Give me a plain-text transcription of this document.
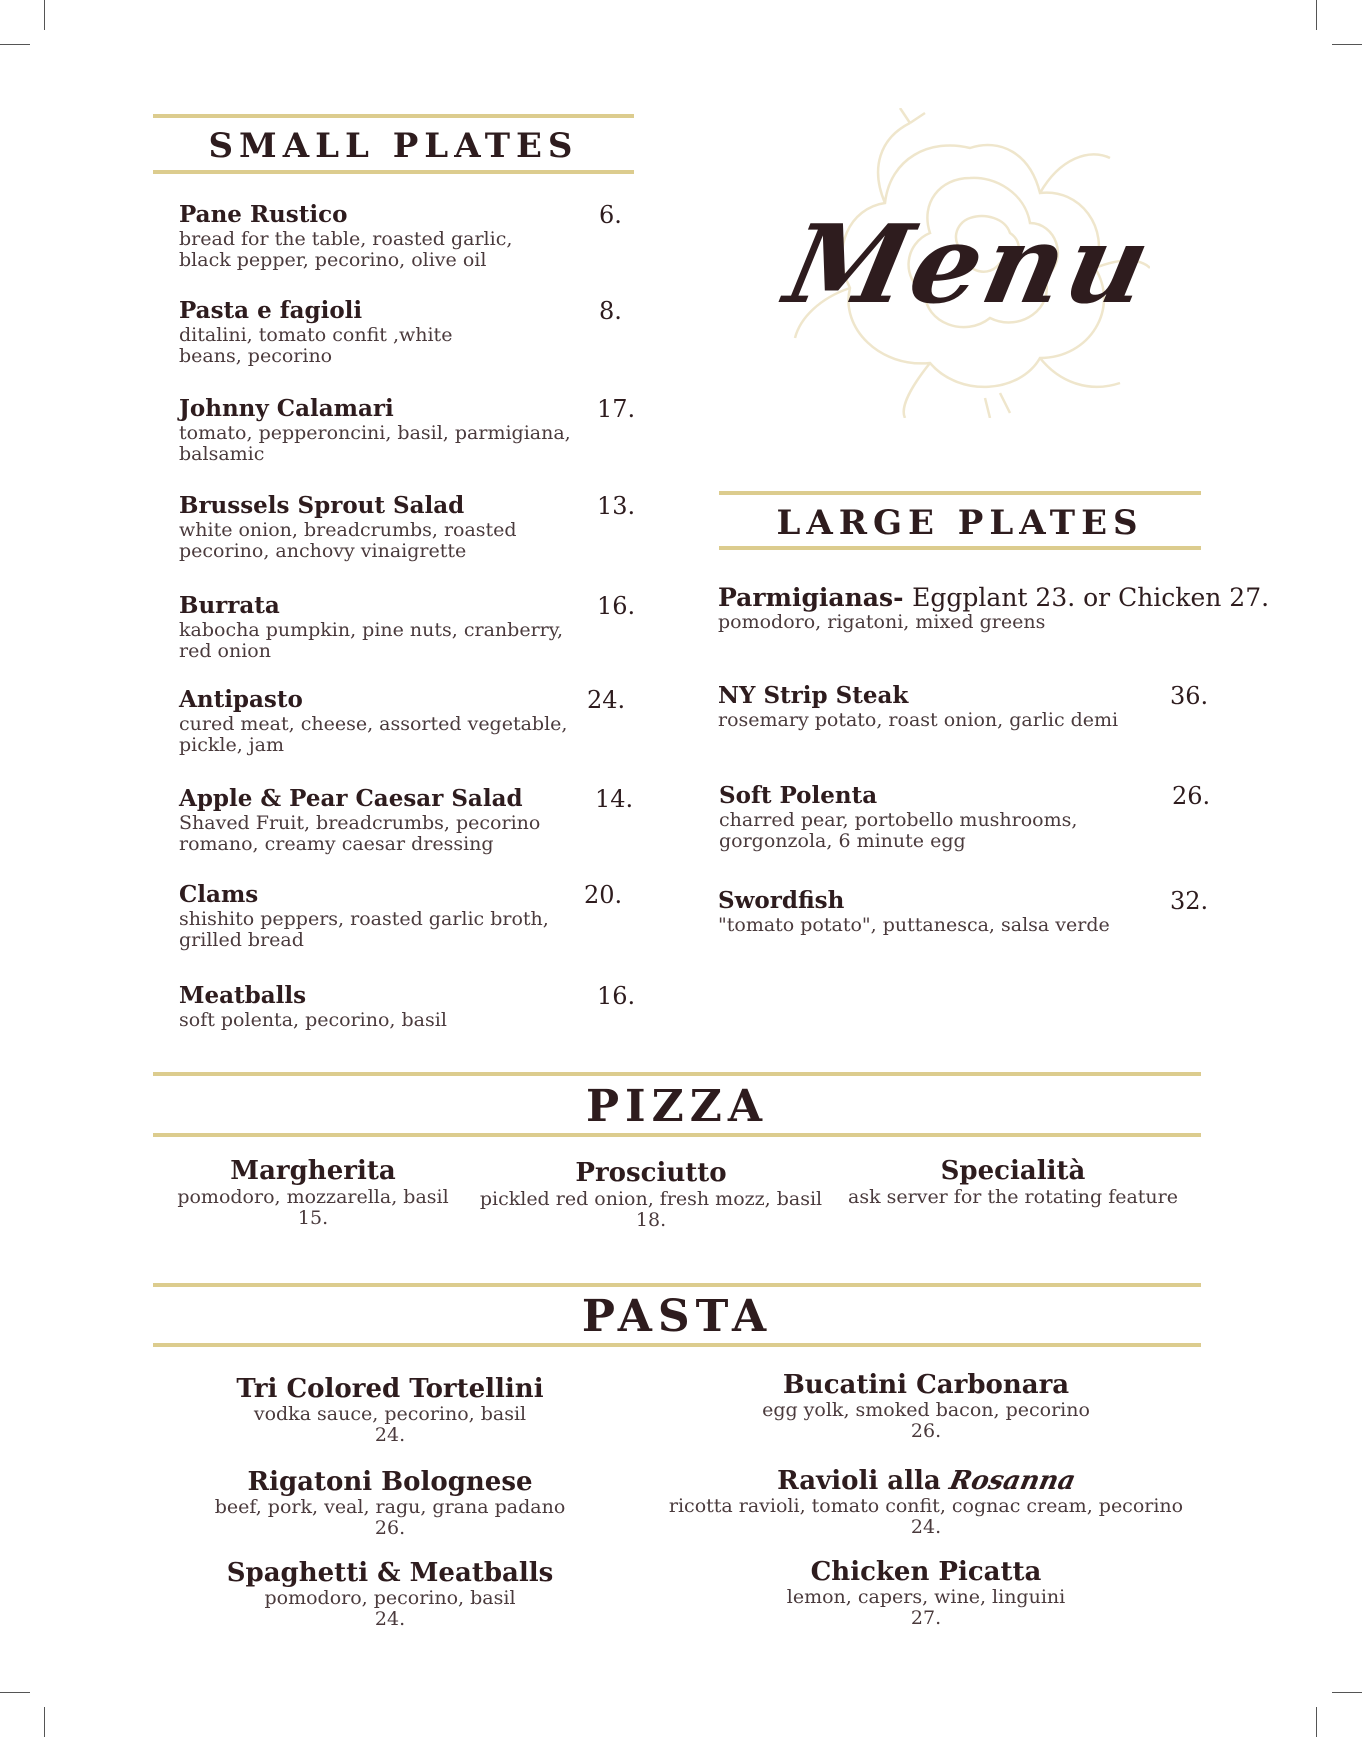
SMALL PLATES
Pane Rustico
bread for the table, roasted garlic, black pepper, pecorino, olive oil
6.
Pasta e fagioli
ditalini, tomato confit ,white beans, pecorino
8.
Johnny Calamari
tomato, pepperoncini, basil, parmigiana, balsamic
17.
Brussels Sprout Salad
white onion, breadcrumbs, roasted pecorino, anchovy vinaigrette
13.
Burrata
kabocha pumpkin, pine nuts, cranberry, red onion
16.
Antipasto
cured meat, cheese, assorted vegetable, pickle, jam
24.
Apple & Pear Caesar Salad
Shaved Fruit, breadcrumbs, pecorino romano, creamy caesar dressing
14.
Clams
shishito peppers, roasted garlic broth, grilled bread
20.
Meatballs
soft polenta, pecorino, basil
16.
Menu
LARGE PLATES
Parmigianas- Eggplant 23. or Chicken 27.
pomodoro, rigatoni, mixed greens
NY Strip Steak
rosemary potato, roast onion, garlic demi
36.
Soft Polenta
charred pear, portobello mushrooms, gorgonzola, 6 minute egg
26.
Swordfish
"tomato potato", puttanesca, salsa verde
32.
PIZZA
Margherita
pomodoro, mozzarella, basil
15.
Prosciutto
pickled red onion, fresh mozz, basil
18.
Specialità
ask server for the rotating feature
PASTA
Tri Colored Tortellini
vodka sauce, pecorino, basil
24.
Bucatini Carbonara
egg yolk, smoked bacon, pecorino
26.
Rigatoni Bolognese
beef, pork, veal, ragu, grana padano
26.
Ravioli alla Rosanna
ricotta ravioli, tomato confit, cognac cream, pecorino
24.
Spaghetti & Meatballs
pomodoro, pecorino, basil
24.
Chicken Picatta
lemon, capers, wine, linguini
27.
